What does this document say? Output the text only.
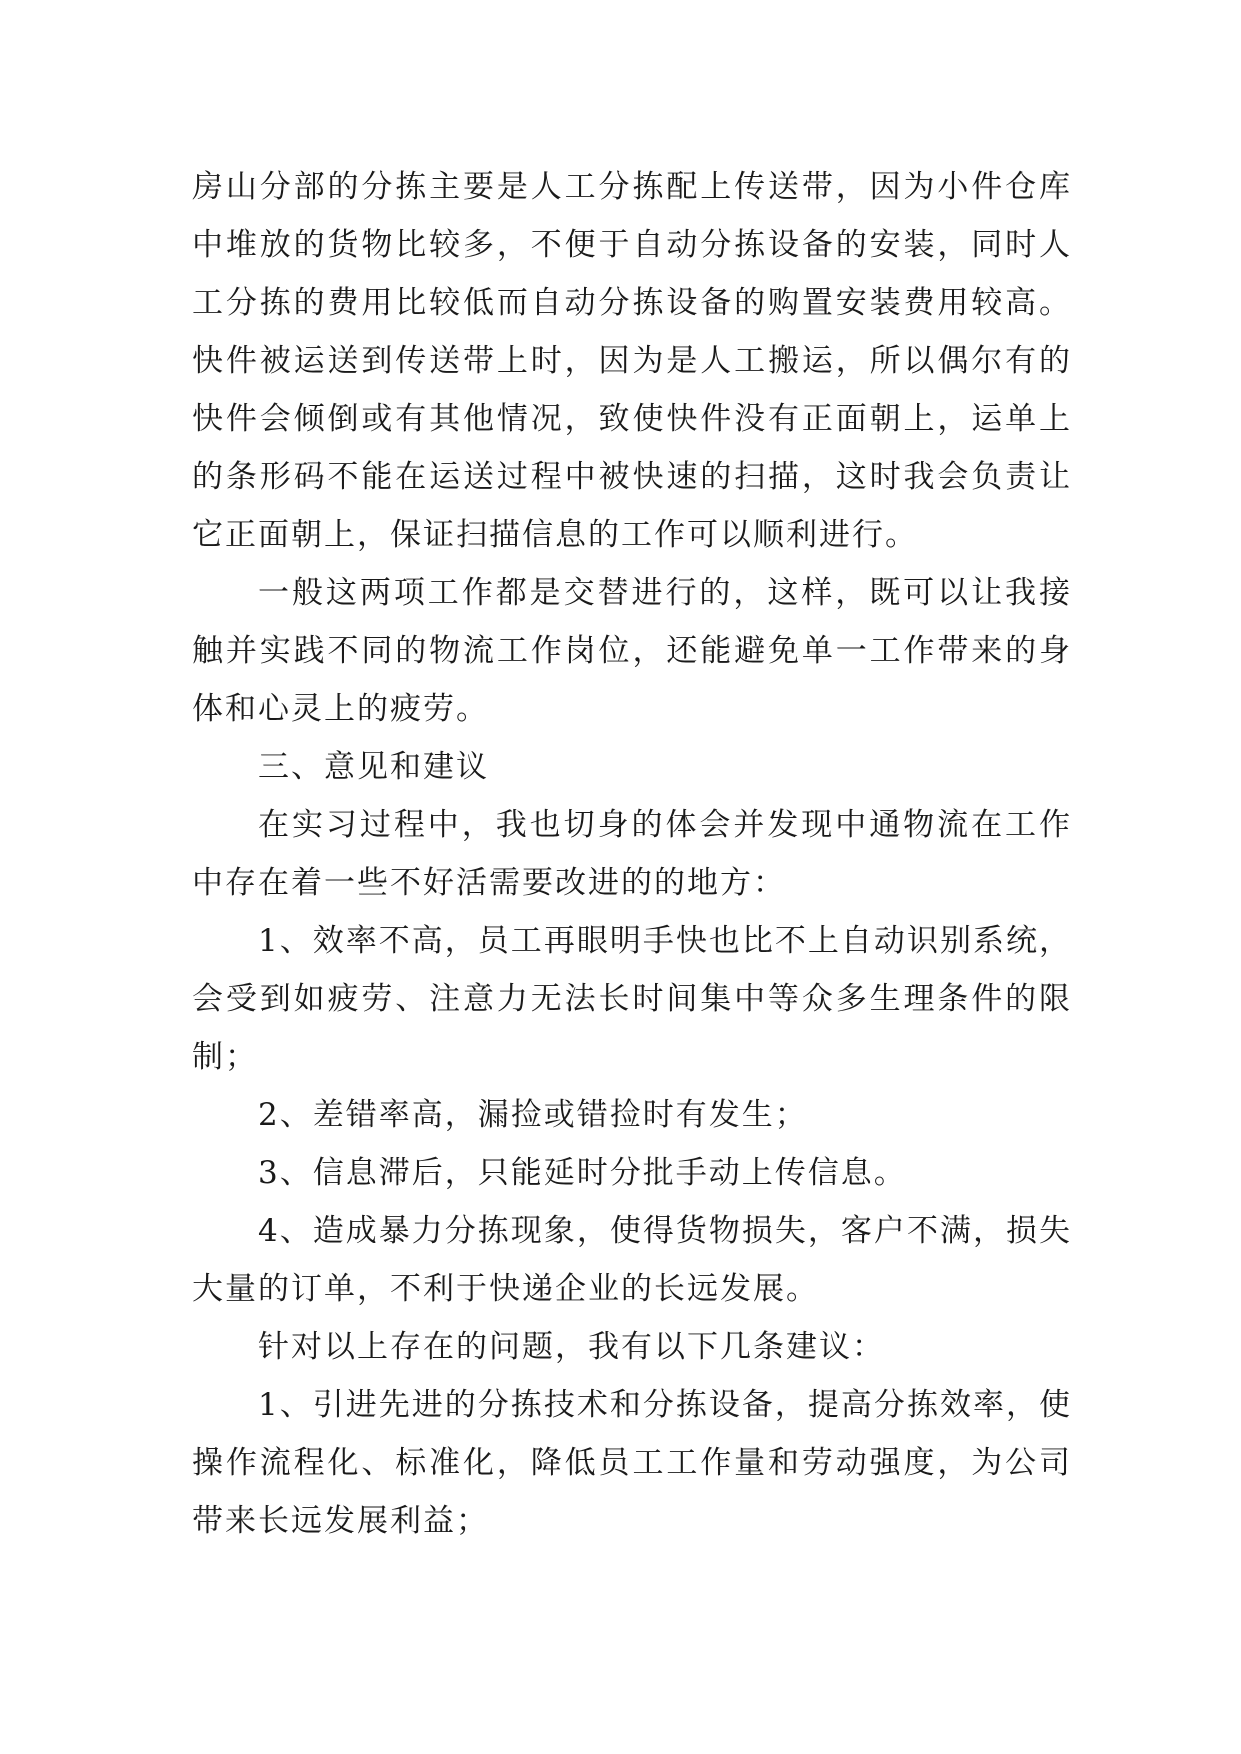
房山分部的分拣主要是人工分拣配上传送带，因为小件仓库中堆放的货物比较多，不便于自动分拣设备的安装，同时人工分拣的费用比较低而自动分拣设备的购置安装费用较高。快件被运送到传送带上时，因为是人工搬运，所以偶尔有的快件会倾倒或有其他情况，致使快件没有正面朝上，运单上的条形码不能在运送过程中被快速的扫描，这时我会负责让它正面朝上，保证扫描信息的工作可以顺利进行。

一般这两项工作都是交替进行的，这样，既可以让我接触并实践不同的物流工作岗位，还能避免单一工作带来的身体和心灵上的疲劳。

三、意见和建议

在实习过程中，我也切身的体会并发现中通物流在工作中存在着一些不好活需要改进的的地方：

1、效率不高，员工再眼明手快也比不上自动识别系统，会受到如疲劳、注意力无法长时间集中等众多生理条件的限制；

2、差错率高，漏捡或错捡时有发生；

3、信息滞后，只能延时分批手动上传信息。

4、造成暴力分拣现象，使得货物损失，客户不满，损失大量的订单，不利于快递企业的长远发展。

针对以上存在的问题，我有以下几条建议：

1、引进先进的分拣技术和分拣设备，提高分拣效率，使操作流程化、标准化，降低员工工作量和劳动强度，为公司带来长远发展利益；
